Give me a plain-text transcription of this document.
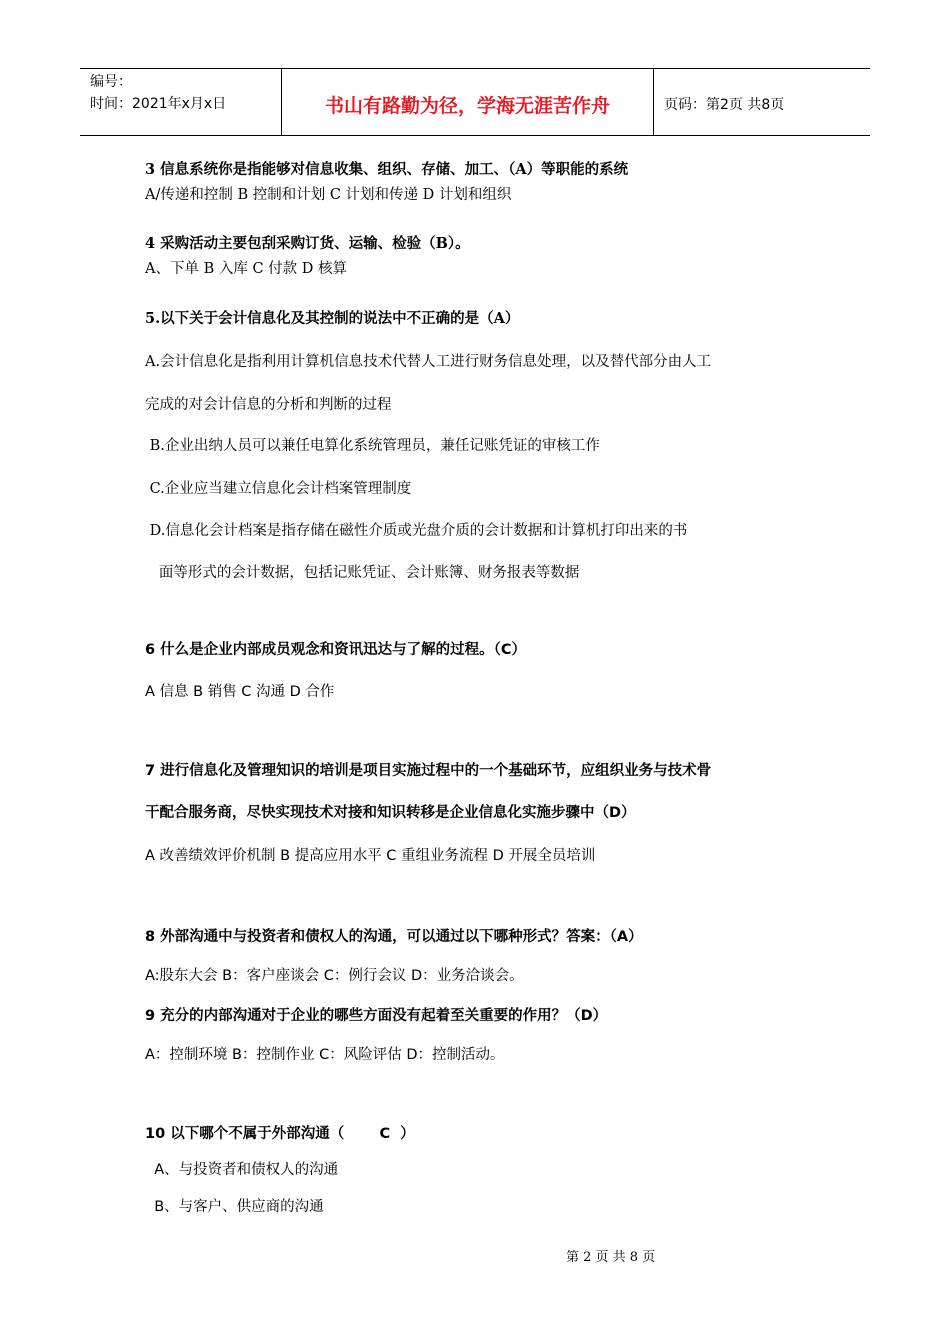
编号：
时间：2021年x月x日	书山有路勤为径，学海无涯苦作舟	页码：第2页 共8页
3 信息系统你是指能够对信息收集、组织、存储、加工、（A）等职能的系统
A/传递和控制 B 控制和计划 C 计划和传递 D 计划和组织
4 采购活动主要包刮采购订货、运输、检验（B）。
A、下单 B 入库 C 付款 D 核算
5.以下关于会计信息化及其控制的说法中不正确的是（A）
A.会计信息化是指利用计算机信息技术代替人工进行财务信息处理，以及替代部分由人工
完成的对会计信息的分析和判断的过程
B.企业出纳人员可以兼任电算化系统管理员，兼任记账凭证的审核工作
C.企业应当建立信息化会计档案管理制度
D.信息化会计档案是指存储在磁性介质或光盘介质的会计数据和计算机打印出来的书
面等形式的会计数据，包括记账凭证、会计账簿、财务报表等数据
6 什么是企业内部成员观念和资讯迅达与了解的过程。（C）
A 信息 B 销售 C 沟通 D 合作
7 进行信息化及管理知识的培训是项目实施过程中的一个基础环节，应组织业务与技术骨
干配合服务商，尽快实现技术对接和知识转移是企业信息化实施步骤中（D）
A 改善绩效评价机制 B 提高应用水平 C 重组业务流程 D 开展全员培训
8 外部沟通中与投资者和债权人的沟通，可以通过以下哪种形式？答案：（A）
A:股东大会 B：客户座谈会 C：例行会议 D：业务洽谈会。
9 充分的内部沟通对于企业的哪些方面没有起着至关重要的作用？（D）
A：控制环境 B：控制作业 C：风险评估 D：控制活动。
10 以下哪个不属于外部沟通（       C  ）
A、与投资者和债权人的沟通
B、与客户、供应商的沟通
第 2 页 共 8 页
